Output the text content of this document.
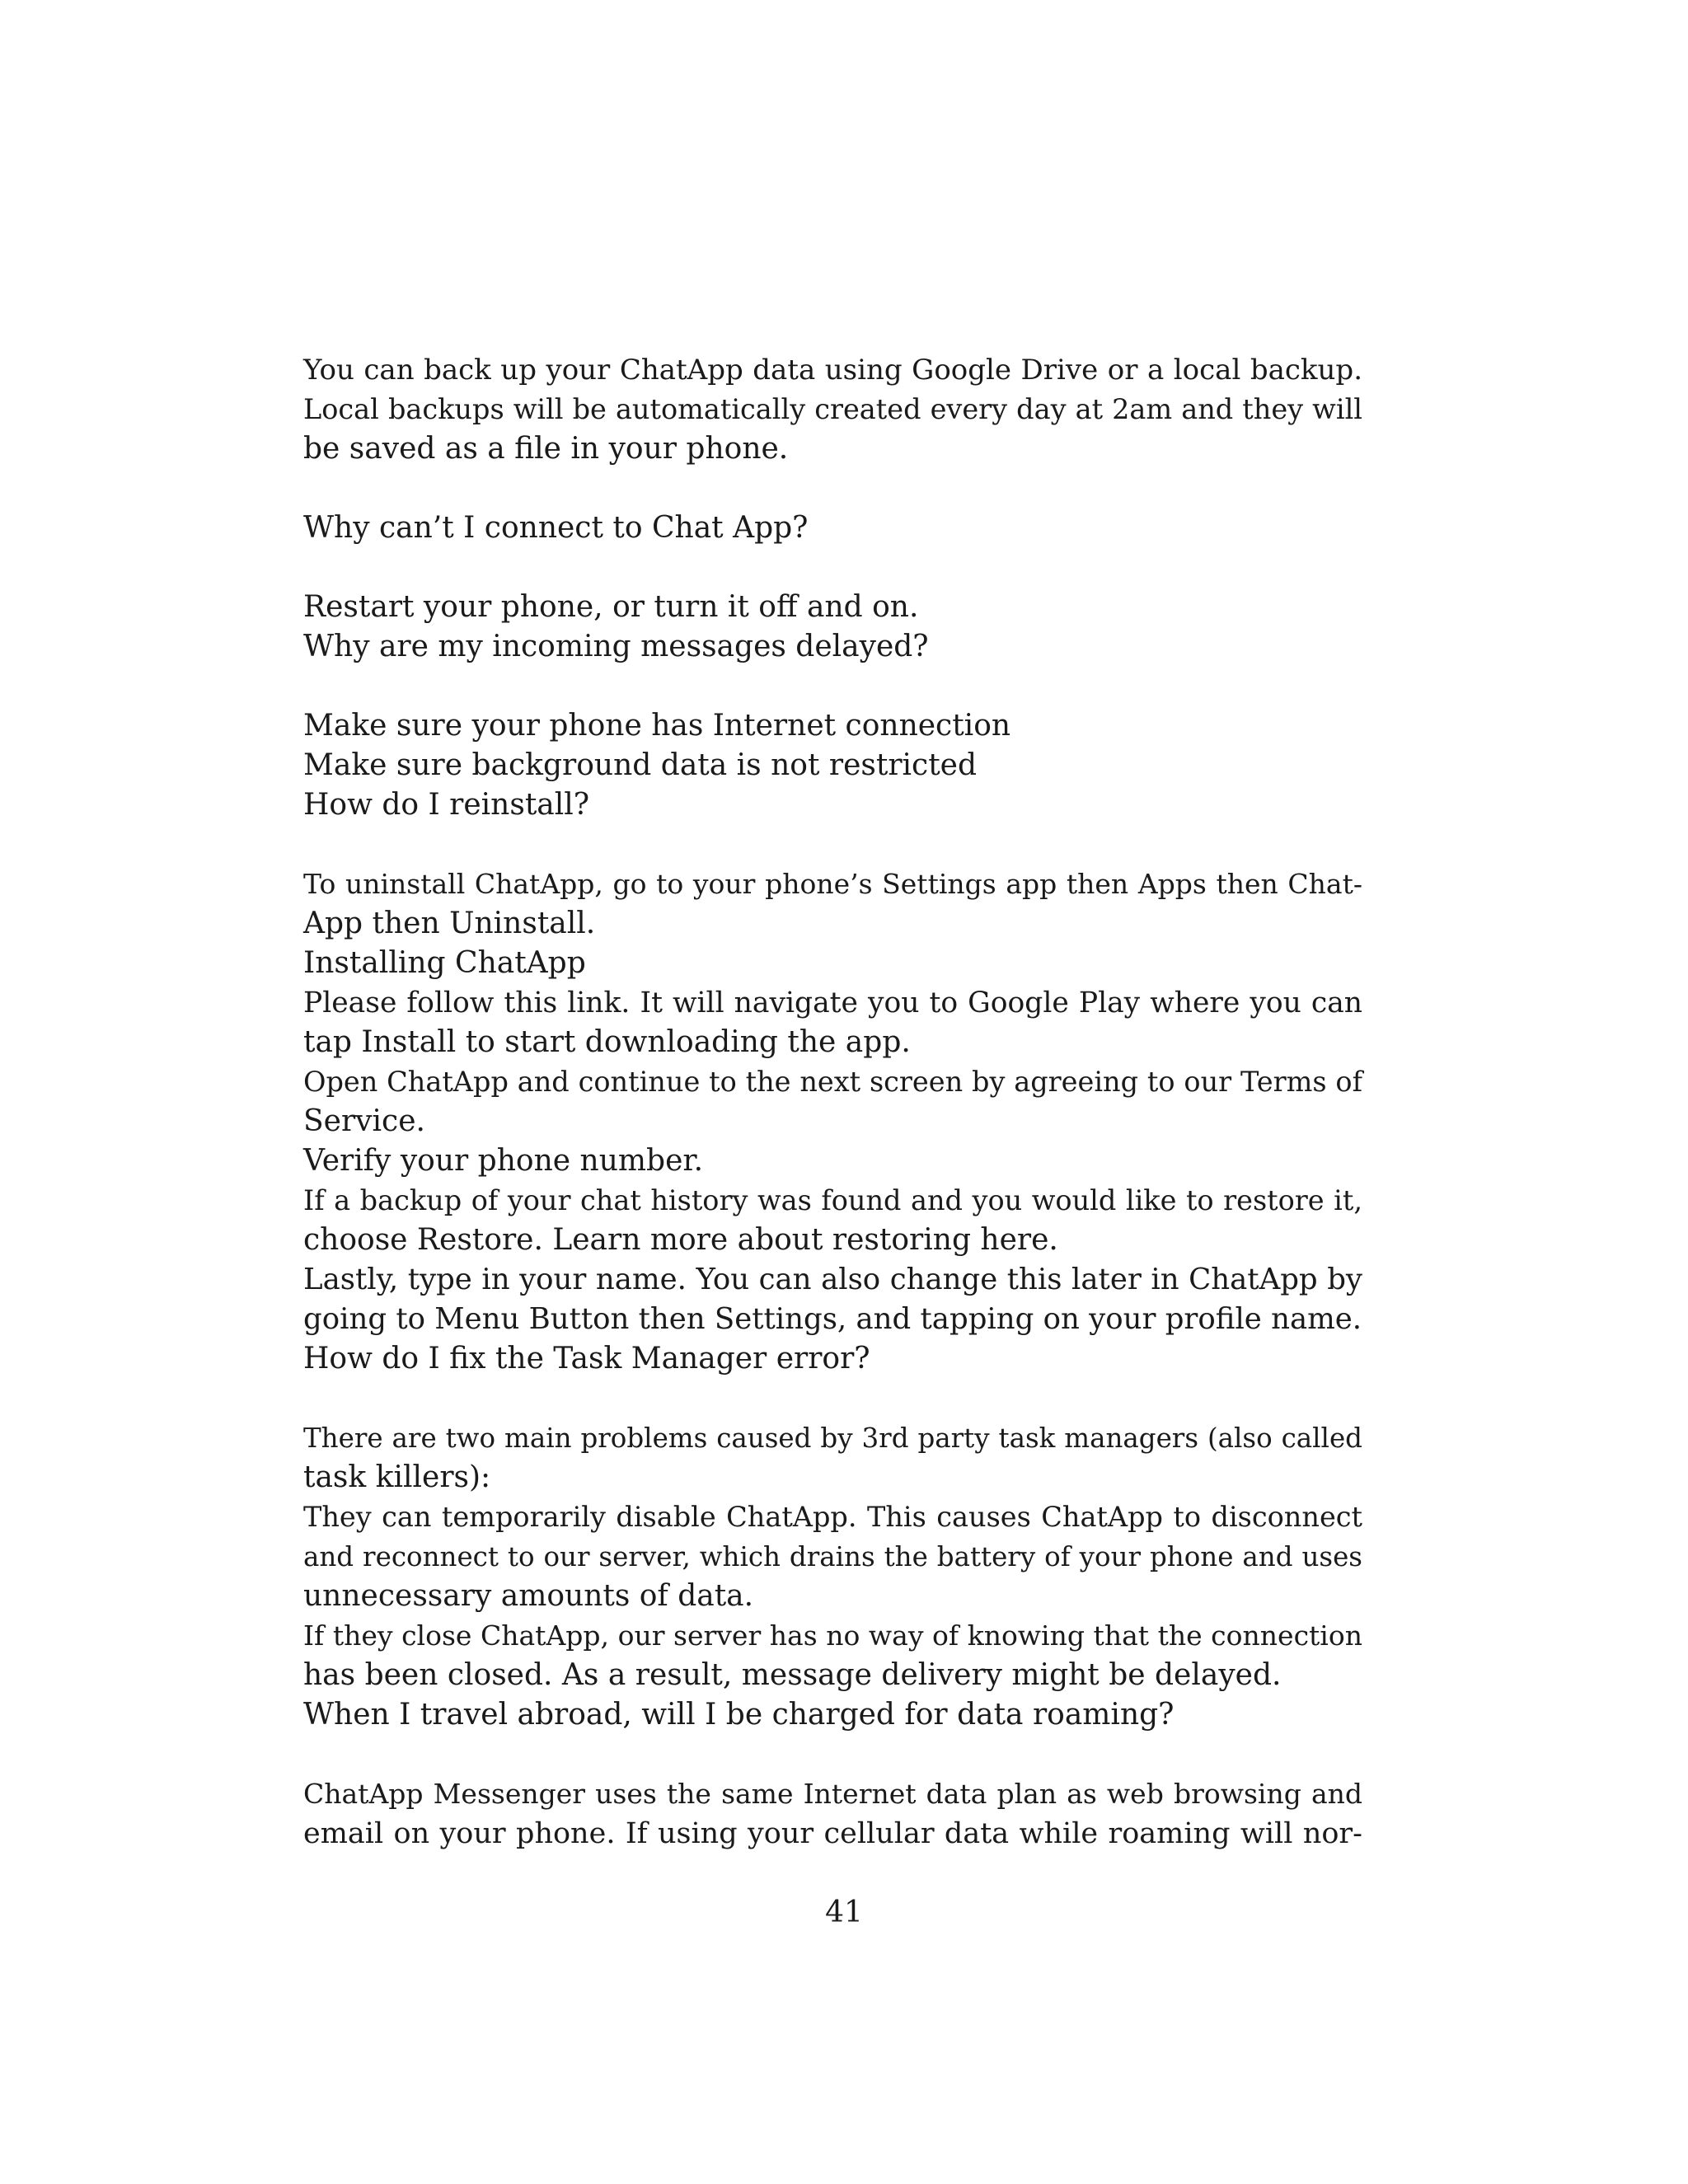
You can back up your ChatApp data using Google Drive or a local backup.
Local backups will be automatically created every day at 2am and they will
be saved as a file in your phone.
Why can’t I connect to Chat App?
Restart your phone, or turn it off and on.
Why are my incoming messages delayed?
Make sure your phone has Internet connection
Make sure background data is not restricted
How do I reinstall?
To uninstall ChatApp, go to your phone’s Settings app then Apps then Chat-
App then Uninstall.
Installing ChatApp
Please follow this link. It will navigate you to Google Play where you can
tap Install to start downloading the app.
Open ChatApp and continue to the next screen by agreeing to our Terms of
Service.
Verify your phone number.
If a backup of your chat history was found and you would like to restore it,
choose Restore. Learn more about restoring here.
Lastly, type in your name. You can also change this later in ChatApp by
going to Menu Button then Settings, and tapping on your profile name.
How do I fix the Task Manager error?
There are two main problems caused by 3rd party task managers (also called
task killers):
They can temporarily disable ChatApp. This causes ChatApp to disconnect
and reconnect to our server, which drains the battery of your phone and uses
unnecessary amounts of data.
If they close ChatApp, our server has no way of knowing that the connection
has been closed. As a result, message delivery might be delayed.
When I travel abroad, will I be charged for data roaming?
ChatApp Messenger uses the same Internet data plan as web browsing and
email on your phone. If using your cellular data while roaming will nor-
41
